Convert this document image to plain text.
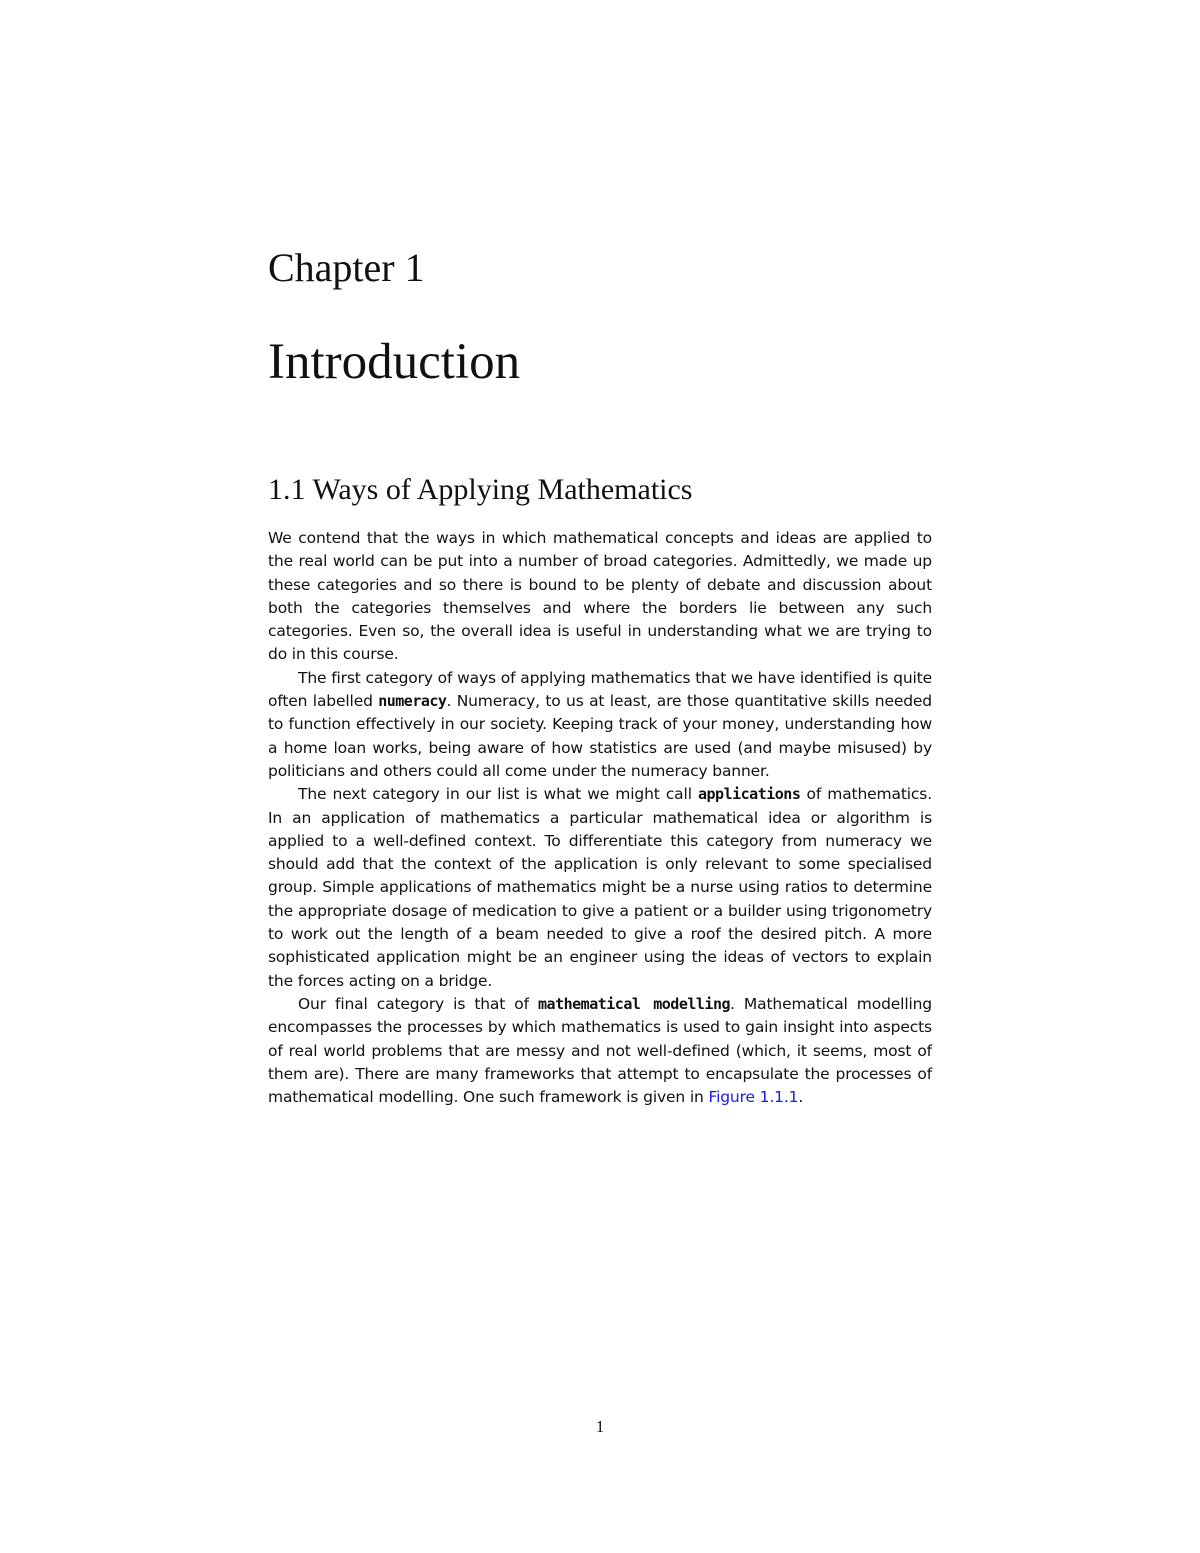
Chapter 1
Introduction
1.1 Ways of Applying Mathematics

We contend that the ways in which mathematical concepts and ideas are applied to the real world can be put into a number of broad categories. Admittedly, we made up these categories and so there is bound to be plenty of debate and discussion about both the categories themselves and where the borders lie between any such categories. Even so, the overall idea is useful in understanding what we are trying to do in this course.

The first category of ways of applying mathematics that we have identified is quite often labelled numeracy. Numeracy, to us at least, are those quantitative skills needed to function effectively in our society. Keeping track of your money, understanding how a home loan works, being aware of how statistics are used (and maybe misused) by politicians and others could all come under the numeracy banner.

The next category in our list is what we might call applications of mathematics. In an application of mathematics a particular mathematical idea or algorithm is applied to a well-defined context. To differentiate this category from numeracy we should add that the context of the application is only relevant to some specialised group. Simple applications of mathematics might be a nurse using ratios to determine the appropriate dosage of medication to give a patient or a builder using trigonometry to work out the length of a beam needed to give a roof the desired pitch. A more sophisticated application might be an engineer using the ideas of vectors to explain the forces acting on a bridge.

Our final category is that of mathematical modelling. Mathematical modelling encompasses the processes by which mathematics is used to gain insight into aspects of real world problems that are messy and not well-defined (which, it seems, most of them are). There are many frameworks that attempt to encapsulate the processes of mathematical modelling. One such framework is given in Figure 1.1.1.

1
